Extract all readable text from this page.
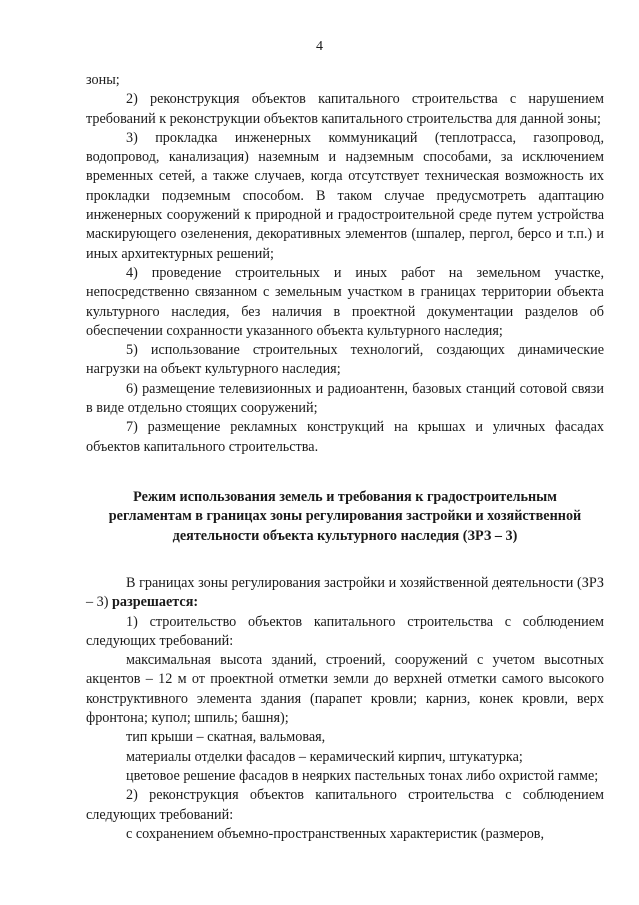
4

зоны;

2) реконструкция объектов капитального строительства с нарушением требований к реконструкции объектов капитального строительства для данной зоны;

3) прокладка инженерных коммуникаций (теплотрасса, газопровод, водопровод, канализация) наземным и надземным способами, за исключением временных сетей, а также случаев, когда отсутствует техническая возможность их прокладки подземным способом. В таком случае предусмотреть адаптацию инженерных сооружений к природной и градостроительной среде путем устройства маскирующего озеленения, декоративных элементов (шпалер, пергол, берсо и т.п.) и иных архитектурных решений;

4) проведение строительных и иных работ на земельном участке, непосредственно связанном с земельным участком в границах территории объекта культурного наследия, без наличия в проектной документации разделов об обеспечении сохранности указанного объекта культурного наследия;

5) использование строительных технологий, создающих динамические нагрузки на объект культурного наследия;

6) размещение телевизионных и радиоантенн, базовых станций сотовой связи в виде отдельно стоящих сооружений;

7) размещение рекламных конструкций на крышах и уличных фасадах объектов капитального строительства.

Режим использования земель и требования к градостроительным

регламентам в границах зоны регулирования застройки и хозяйственной

деятельности объекта культурного наследия (ЗРЗ – 3)

В границах зоны регулирования застройки и хозяйственной деятельности (ЗРЗ – 3) разрешается:

1) строительство объектов капитального строительства с соблюдением следующих требований:

максимальная высота зданий, строений, сооружений с учетом высотных акцентов – 12 м от проектной отметки земли до верхней отметки самого высокого конструктивного элемента здания (парапет кровли; карниз, конек кровли, верх фронтона; купол; шпиль; башня);

тип крыши – скатная, вальмовая,

материалы отделки фасадов – керамический кирпич, штукатурка;

цветовое решение фасадов в неярких пастельных тонах либо охристой гамме;

2) реконструкция объектов капитального строительства с соблюдением следующих требований:

с сохранением объемно-пространственных характеристик (размеров,
